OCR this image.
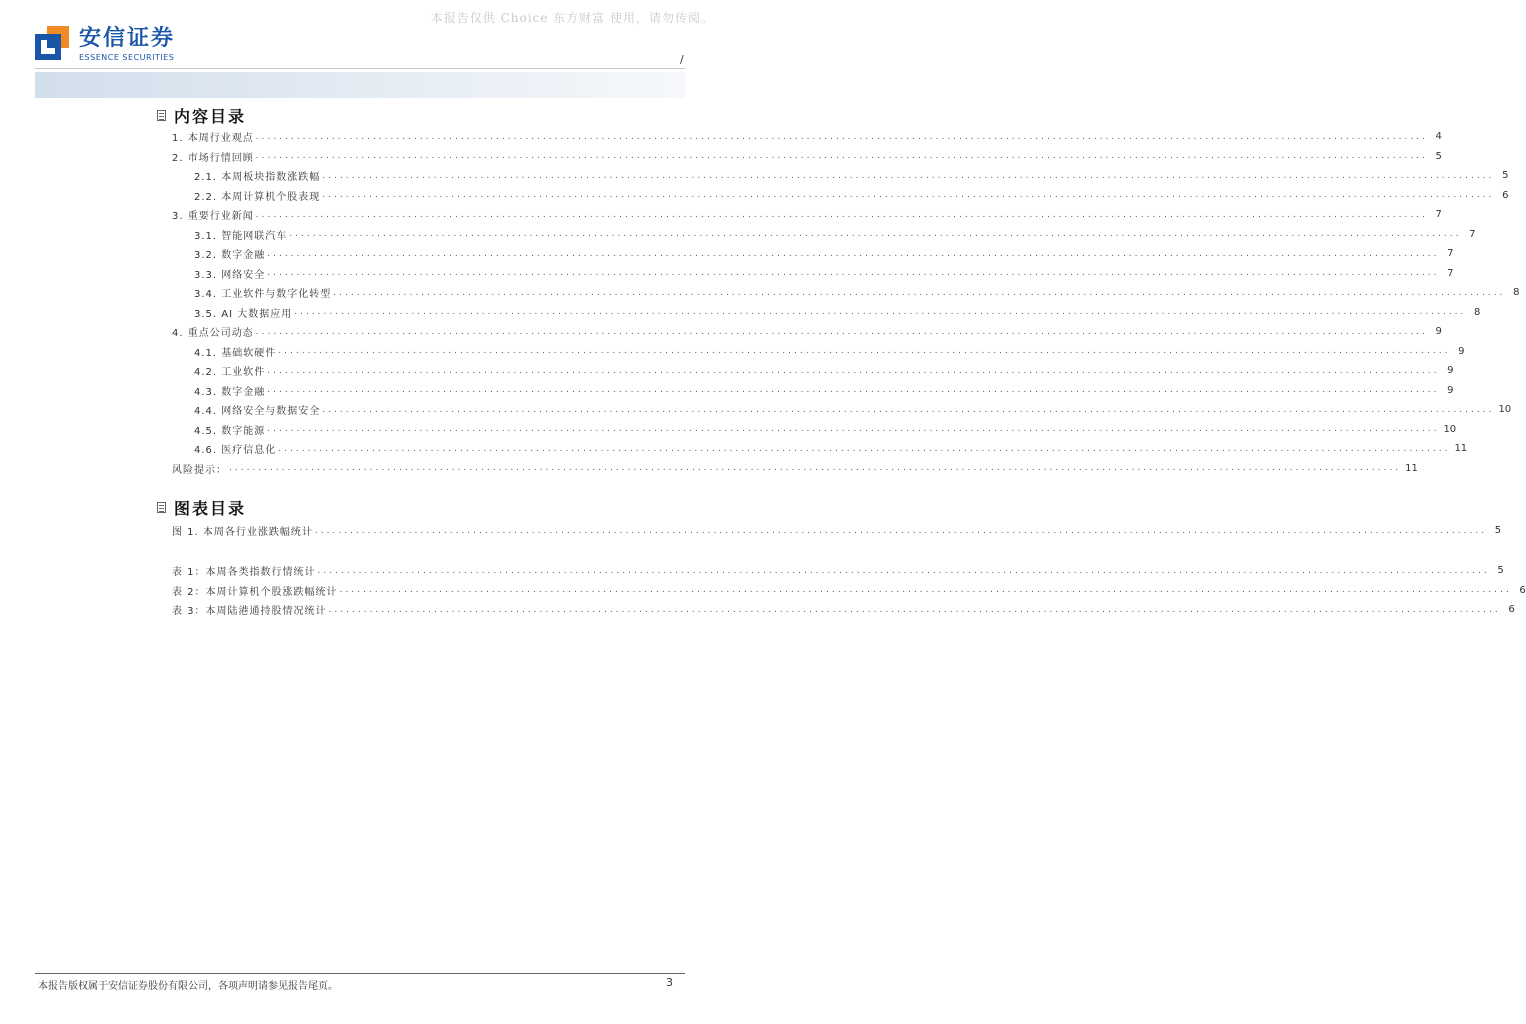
本报告仅供 Choice 东方财富 使用，请勿传阅。
安信证券
ESSENCE SECURITIES	/
内容目录
1. 本周行业观点 ........................................................................................................................................................................................................ 4
2. 市场行情回顾 ........................................................................................................................................................................................................ 5
2.1. 本周板块指数涨跌幅 ........................................................................................................................................................................................................ 5
2.2. 本周计算机个股表现 ........................................................................................................................................................................................................ 6
3. 重要行业新闻 ........................................................................................................................................................................................................ 7
3.1. 智能网联汽车 ........................................................................................................................................................................................................ 7
3.2. 数字金融 ........................................................................................................................................................................................................ 7
3.3. 网络安全 ........................................................................................................................................................................................................ 7
3.4. 工业软件与数字化转型 ........................................................................................................................................................................................................ 8
3.5. AI 大数据应用 ........................................................................................................................................................................................................ 8
4. 重点公司动态 ........................................................................................................................................................................................................ 9
4.1. 基础软硬件 ........................................................................................................................................................................................................ 9
4.2. 工业软件 ........................................................................................................................................................................................................ 9
4.3. 数字金融 ........................................................................................................................................................................................................ 9
4.4. 网络安全与数据安全 ........................................................................................................................................................................................................ 10
4.5. 数字能源 ........................................................................................................................................................................................................ 10
4.6. 医疗信息化 ........................................................................................................................................................................................................ 11
风险提示： ........................................................................................................................................................................................................ 11
图表目录
图 1. 本周各行业涨跌幅统计 ........................................................................................................................................................................................................ 5
表 1：本周各类指数行情统计 ........................................................................................................................................................................................................ 5
表 2：本周计算机个股涨跌幅统计 ........................................................................................................................................................................................................ 6
表 3：本周陆港通持股情况统计 ........................................................................................................................................................................................................ 6
本报告版权属于安信证券股份有限公司，各项声明请参见报告尾页。	3
